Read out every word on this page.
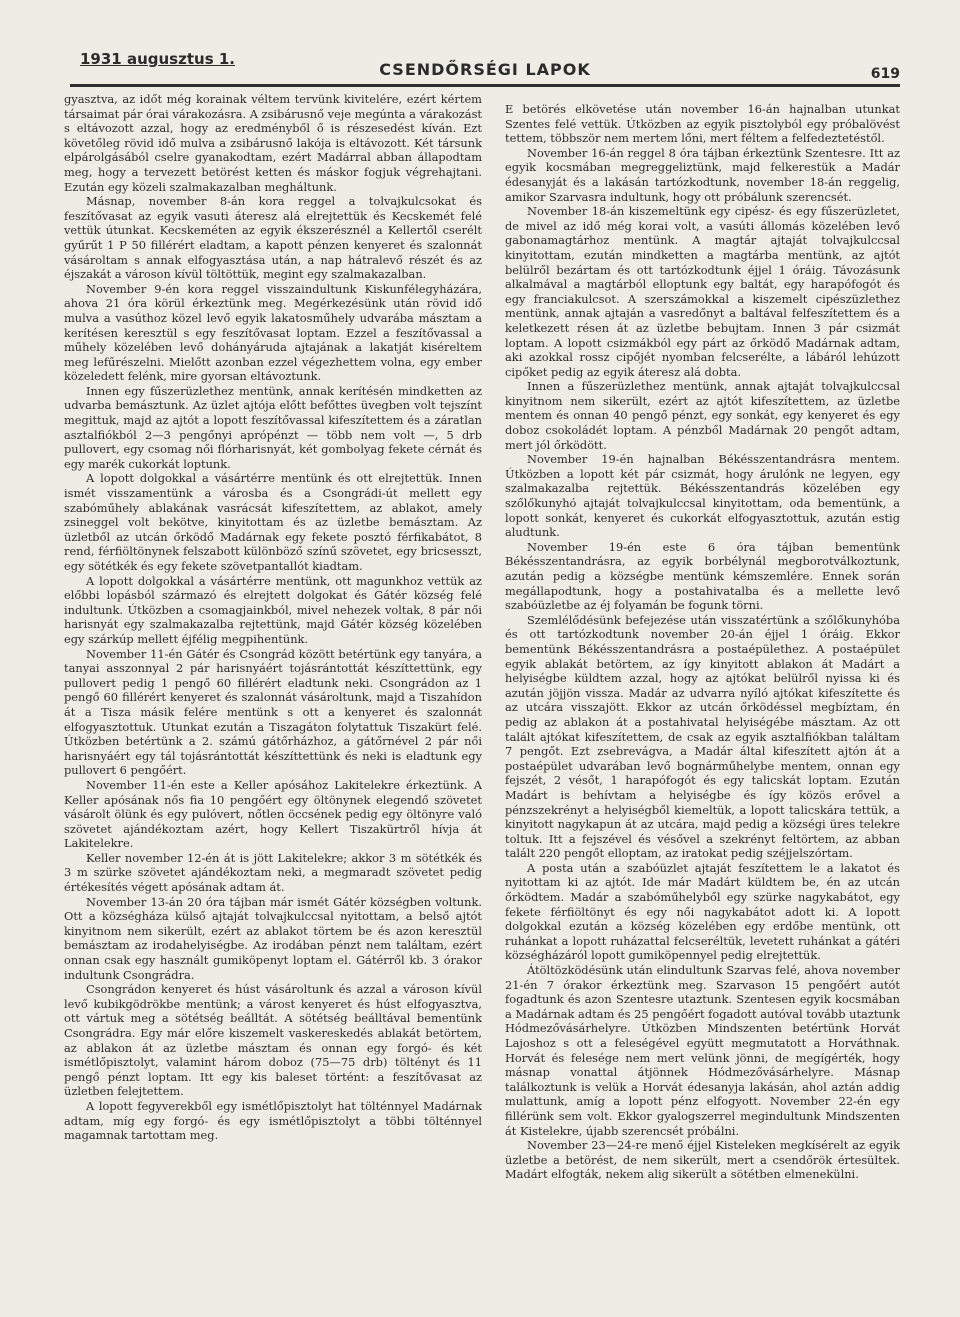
1931 augusztus 1.
CSENDŐRSÉGI LAPOK	619

gyasztva, az időt még korainak véltem tervünk kivitelére, ezért kértem társaimat pár órai várakozásra. A zsibárusnő veje megúnta a várakozást s eltávozott azzal, hogy az eredményből ő is részesedést kíván. Ezt követőleg rövid idő mulva a zsibárusnő lakója is eltávozott. Két társunk elpárolgásából cselre gyanakodtam, ezért Madárral abban állapodtam meg, hogy a tervezett betörést ketten és máskor fogjuk végrehajtani. Ezután egy közeli szalmakazalban megháltunk.

Másnap, november 8-án kora reggel a tolvajkulcsokat és feszítővasat az egyik vasuti áteresz alá elrejtettük és Kecskemét felé vettük útunkat. Kecskeméten az egyik ékszerésznél a Kellertől cserélt gyűrűt 1 P 50 fillérért eladtam, a kapott pénzen kenyeret és szalonnát vásároltam s annak elfogyasztása után, a nap hátralevő részét és az éjszakát a városon kívül töltöttük, megint egy szalmakazalban.

November 9-én kora reggel visszaindultunk Kiskunfélegyházára, ahova 21 óra körül érkeztünk meg. Megérkezésünk után rövid idő mulva a vasúthoz közel levő egyik lakatosműhely udvarába másztam a kerítésen keresztül s egy feszítővasat loptam. Ezzel a feszítővassal a műhely közelében levő dohányáruda ajtajának a lakatját kiséreltem meg lefűrészelni. Mielőtt azonban ezzel végezhettem volna, egy ember közeledett felénk, mire gyorsan eltávoztunk.

Innen egy fűszerüzlethez mentünk, annak kerítésén mindketten az udvarba bemásztunk. Az üzlet ajtója előtt befőttes üvegben volt tejszínt megittuk, majd az ajtót a lopott feszítővassal kifeszítettem és a záratlan asztalfiókból 2—3 pengőnyi aprópénzt — több nem volt —, 5 drb pullovert, egy csomag női flórharisnyát, két gombolyag fekete cérnát és egy marék cukorkát loptunk.

A lopott dolgokkal a vásártérre mentünk és ott elrejtettük. Innen ismét visszamentünk a városba és a Csongrádi-út mellett egy szabóműhely ablakának vasrácsát kifeszítettem, az ablakot, amely zsineggel volt bekötve, kinyitottam és az üzletbe bemásztam. Az üzletből az utcán őrködő Madárnak egy fekete posztó férfikabátot, 8 rend, férfiöltönynek felszabott különböző színű szövetet, egy bricsesszt, egy sötétkék és egy fekete szövetpantallót kiadtam.

A lopott dolgokkal a vásártérre mentünk, ott magunkhoz vettük az előbbi lopásból származó és elrejtett dolgokat és Gátér község felé indultunk. Útközben a csomagjainkból, mivel nehezek voltak, 8 pár női harisnyát egy szalmakazalba rejtettünk, majd Gátér község közelében egy szárkúp mellett éjfélig megpihentünk.

November 11-én Gátér és Csongrád között betértünk egy tanyára, a tanyai asszonnyal 2 pár harisnyáért tojásrántottát készíttettünk, egy pullovert pedig 1 pengő 60 fillérért eladtunk neki. Csongrádon az 1 pengő 60 fillérért kenyeret és szalonnát vásároltunk, majd a Tiszahídon át a Tisza másik felére mentünk s ott a kenyeret és szalonnát elfogyasztottuk. Utunkat ezután a Tiszagáton folytattuk Tiszakürt felé. Útközben betértünk a 2. számú gátőrházhoz, a gátőrnével 2 pár női harisnyáért egy tál tojásrántottát készíttettünk és neki is eladtunk egy pullovert 6 pengőért.

November 11-én este a Keller apósához Lakitelekre érkeztünk. A Keller apósának nős fia 10 pengőért egy öltönynek elegendő szövetet vásárolt ölünk és egy pulóvert, nőtlen öccsének pedig egy öltönyre való szövetet ajándékoztam azért, hogy Kellert Tiszakürtről hívja át Lakitelekre.

Keller november 12-én át is jött Lakitelekre; akkor 3 m sötétkék és 3 m szürke szövetet ajándékoztam neki, a megmaradt szövetet pedig értékesítés végett apósának adtam át.

November 13-án 20 óra tájban már ismét Gátér községben voltunk. Ott a községháza külső ajtaját tolvajkulccsal nyitottam, a belső ajtót kinyitnom nem sikerült, ezért az ablakot törtem be és azon keresztül bemásztam az irodahelyiségbe. Az irodában pénzt nem találtam, ezért onnan csak egy használt gumiköpenyt loptam el. Gátérről kb. 3 órakor indultunk Csongrádra.

Csongrádon kenyeret és húst vásároltunk és azzal a városon kívül levő kubikgödrökbe mentünk; a várost kenyeret és húst elfogyasztva, ott vártuk meg a sötétség beálltát. A sötétség beálltával bementünk Csongrádra. Egy már előre kiszemelt vaskereskedés ablakát betörtem, az ablakon át az üzletbe másztam és onnan egy forgó- és két ismétlőpisztolyt, valamint három doboz (75—75 drb) töltényt és 11 pengő pénzt loptam. Itt egy kis baleset történt: a feszítővasat az üzletben felejtettem.

A lopott fegyverekből egy ismétlőpisztolyt hat tölténnyel Madárnak adtam, míg egy forgó- és egy ismétlőpisztolyt a többi tölténnyel magamnak tartottam meg.

E betörés elkövetése után november 16-án hajnalban utunkat Szentes felé vettük. Útközben az egyik pisztolyból egy próbalövést tettem, többször nem mertem lőni, mert féltem a felfedeztetéstől.

November 16-án reggel 8 óra tájban érkeztünk Szentesre. Itt az egyik kocsmában megreggeliztünk, majd felkerestük a Madár édesanyját és a lakásán tartózkodtunk, november 18-án reggelig, amikor Szarvasra indultunk, hogy ott próbálunk szerencsét.

November 18-án kiszemeltünk egy cipész- és egy fűszerüzletet, de mivel az idő még korai volt, a vasúti állomás közelében levő gabonamagtárhoz mentünk. A magtár ajtaját tolvajkulccsal kinyitottam, ezután mindketten a magtárba mentünk, az ajtót belülről bezártam és ott tartózkodtunk éjjel 1 óráig. Távozásunk alkalmával a magtárból elloptunk egy baltát, egy harapófogót és egy franciakulcsot. A szerszámokkal a kiszemelt cipészüzlethez mentünk, annak ajtaján a vasredőnyt a baltával felfeszítettem és a keletkezett résen át az üzletbe bebujtam. Innen 3 pár csizmát loptam. A lopott csizmákból egy párt az őrködő Madárnak adtam, aki azokkal rossz cipőjét nyomban felcserélte, a lábáról lehúzott cipőket pedig az egyik áteresz alá dobta.

Innen a fűszerüzlethez mentünk, annak ajtaját tolvajkulccsal kinyitnom nem sikerült, ezért az ajtót kifeszítettem, az üzletbe mentem és onnan 40 pengő pénzt, egy sonkát, egy kenyeret és egy doboz csokoládét loptam. A pénzből Madárnak 20 pengőt adtam, mert jól őrködött.

November 19-én hajnalban Békésszentandrásra mentem. Útközben a lopott két pár csizmát, hogy árulónk ne legyen, egy szalmakazalba rejtettük. Békésszentandrás közelében egy szőlőkunyhó ajtaját tolvajkulccsal kinyitottam, oda bementünk, a lopott sonkát, kenyeret és cukorkát elfogyasztottuk, azután estig aludtunk.

November 19-én este 6 óra tájban bementünk Békésszentandrásra, az egyik borbélynál megborotválkoztunk, azután pedig a községbe mentünk kémszemlére. Ennek során megállapodtunk, hogy a postahivatalba és a mellette levő szabóüzletbe az éj folyamán be fogunk törni.

Szemlélődésünk befejezése után visszatértünk a szőlőkunyhóba és ott tartózkodtunk november 20-án éjjel 1 óráig. Ekkor bementünk Békésszentandrásra a postaépülethez. A postaépület egyik ablakát betörtem, az így kinyitott ablakon át Madárt a helyiségbe küldtem azzal, hogy az ajtókat belülről nyissa ki és azután jöjjön vissza. Madár az udvarra nyíló ajtókat kifeszítette és az utcára visszajött. Ekkor az utcán őrködéssel megbíztam, én pedig az ablakon át a postahivatal helyiségébe másztam. Az ott talált ajtókat kifeszítettem, de csak az egyik asztalfiókban találtam 7 pengőt. Ezt zsebrevágva, a Madár által kifeszített ajtón át a postaépület udvarában levő bognárműhelybe mentem, onnan egy fejszét, 2 vésőt, 1 harapófogót és egy talicskát loptam. Ezután Madárt is behívtam a helyiségbe és így közös erővel a pénzszekrényt a helyiségből kiemeltük, a lopott talicskára tettük, a kinyitott nagykapun át az utcára, majd pedig a községi üres telekre toltuk. Itt a fejszével és vésővel a szekrényt feltörtem, az abban talált 220 pengőt elloptam, az iratokat pedig széjjelszórtam.

A posta után a szabóüzlet ajtaját feszítettem le a lakatot és nyitottam ki az ajtót. Ide már Madárt küldtem be, én az utcán őrködtem. Madár a szabóműhelyből egy szürke nagykabátot, egy fekete férfiöltönyt és egy női nagykabátot adott ki. A lopott dolgokkal ezután a község közelében egy erdőbe mentünk, ott ruhánkat a lopott ruházattal felcseréltük, levetett ruhánkat a gátéri községházáról lopott gumiköpennyel pedig elrejtettük.

Átöltözködésünk után elindultunk Szarvas felé, ahova november 21-én 7 órakor érkeztünk meg. Szarvason 15 pengőért autót fogadtunk és azon Szentesre utaztunk. Szentesen egyik kocsmában a Madárnak adtam és 25 pengőért fogadott autóval tovább utaztunk Hódmezővásárhelyre. Útközben Mindszenten betértünk Horvát Lajoshoz s ott a feleségével együtt megmutatott a Horváthnak. Horvát és felesége nem mert velünk jönni, de megígérték, hogy másnap vonattal átjönnek Hódmezővásárhelyre. Másnap találkoztunk is velük a Horvát édesanyja lakásán, ahol aztán addig mulattunk, amíg a lopott pénz elfogyott. November 22-én egy fillérünk sem volt. Ekkor gyalogszerrel megindultunk Mindszenten át Kistelekre, újabb szerencsét próbálni.

November 23—24-re menő éjjel Kisteleken megkísérelt az egyik üzletbe a betörést, de nem sikerült, mert a csendőrök értesültek. Madárt elfogták, nekem alig sikerült a sötétben elmenekülni.
